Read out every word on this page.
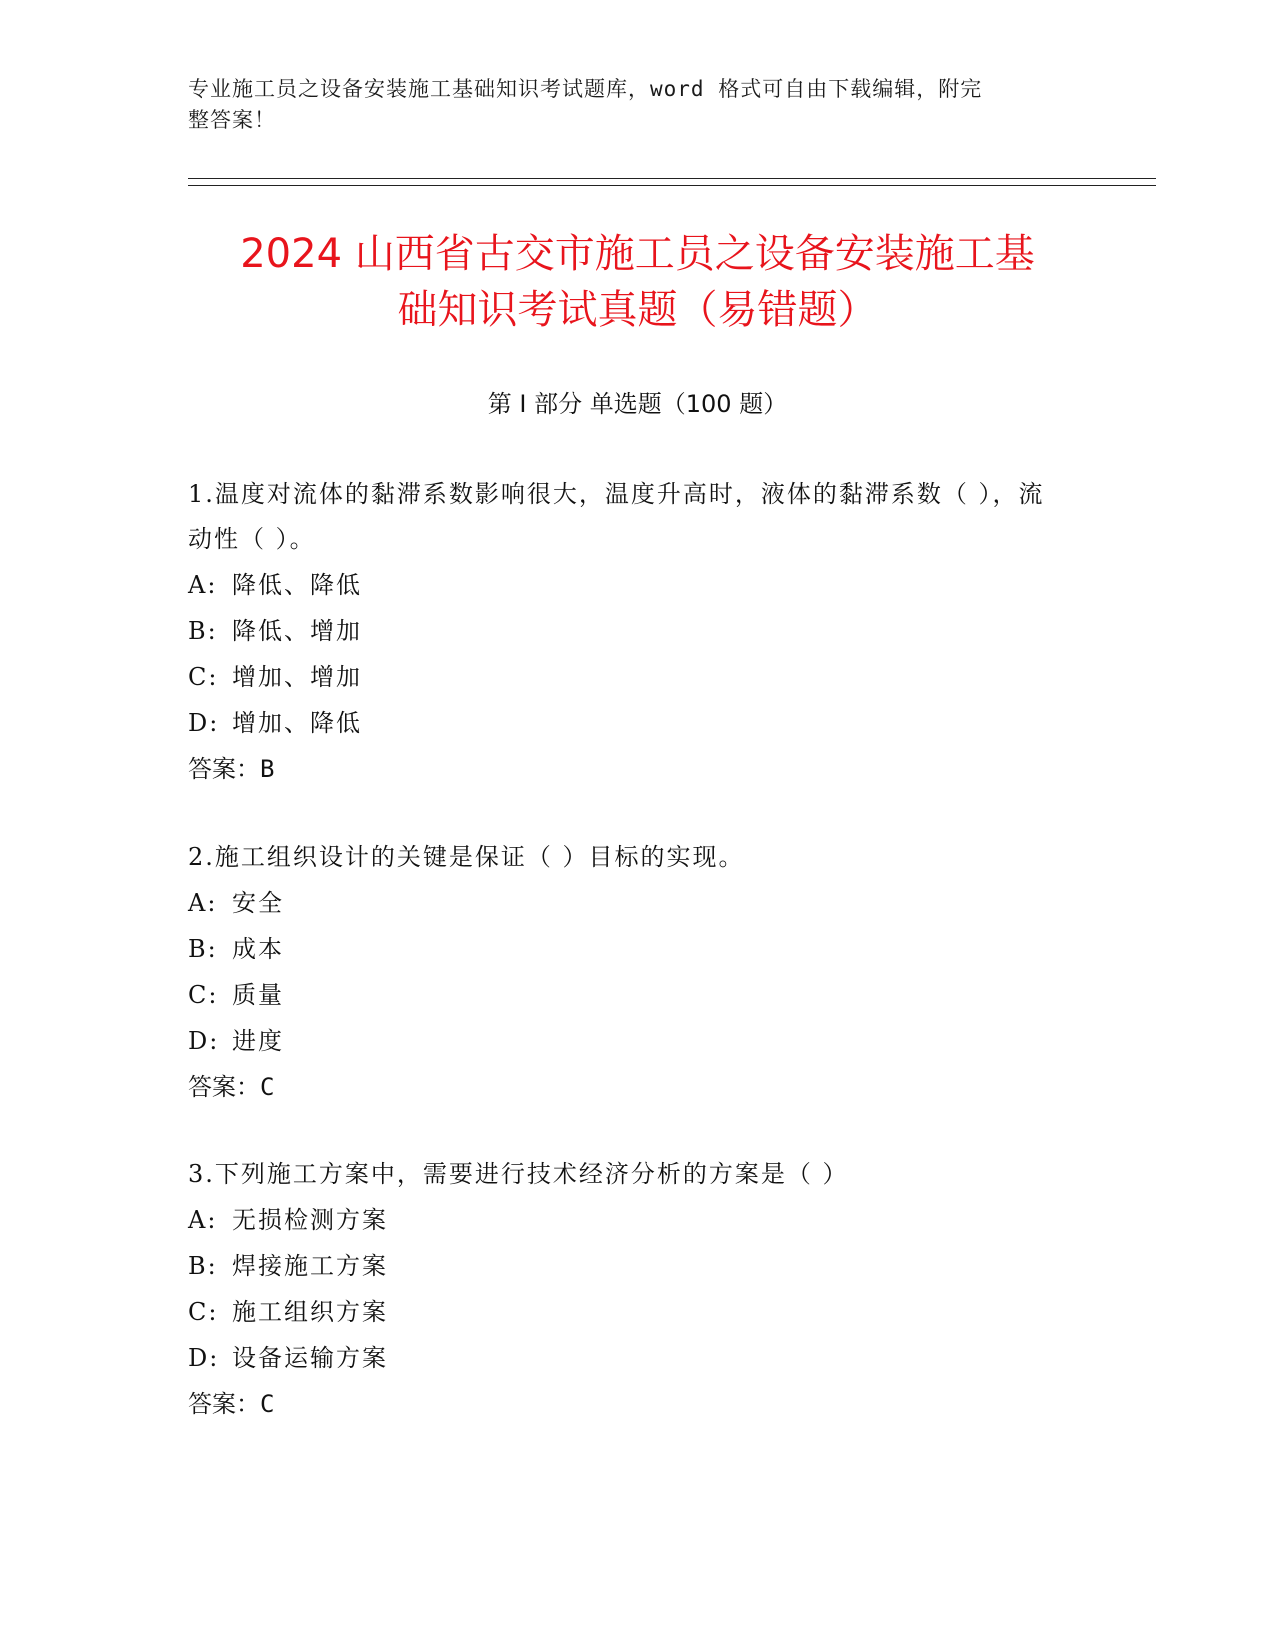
专业施工员之设备安装施工基础知识考试题库，word 格式可自由下载编辑，附完
整答案！
2024 山西省古交市施工员之设备安装施工基
础知识考试真题（易错题）
第 I 部分 单选题（100 题）

1.温度对流体的黏滞系数影响很大，温度升高时，液体的黏滞系数（ ），流动性（ ）。

A: 降低、降低

B: 降低、增加

C: 增加、增加

D: 增加、降低

答案：B

2.施工组织设计的关键是保证（ ）目标的实现。

A: 安全

B: 成本

C: 质量

D: 进度

答案：C

3.下列施工方案中，需要进行技术经济分析的方案是（ ）

A: 无损检测方案

B: 焊接施工方案

C: 施工组织方案

D: 设备运输方案

答案：C
